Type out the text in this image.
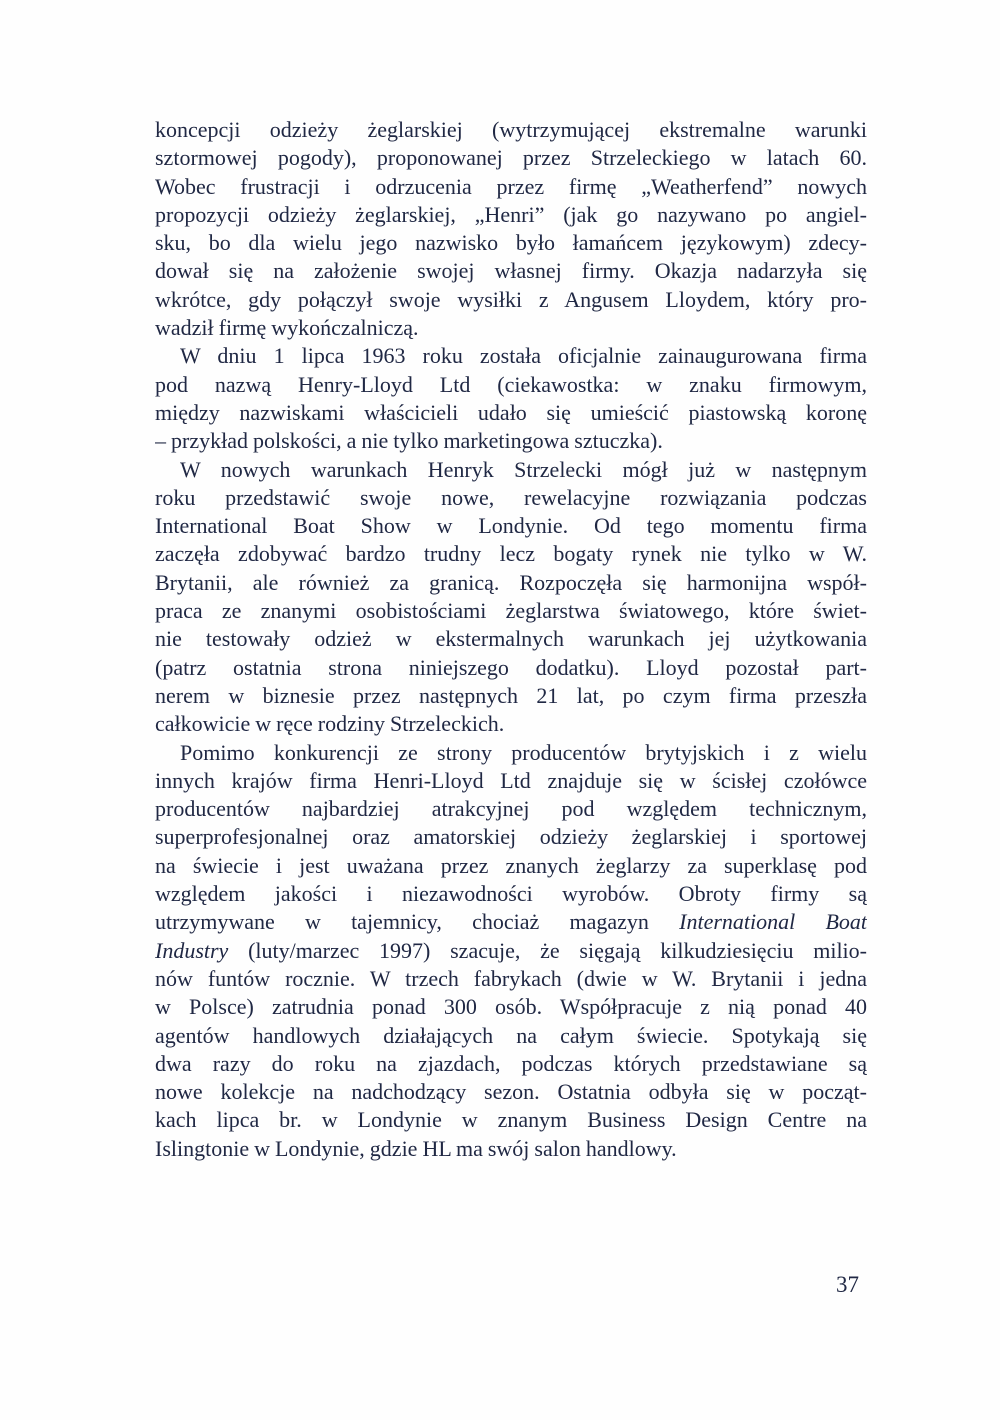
koncepcji odzieży żeglarskiej (wytrzymującej ekstremalne warunki
sztormowej pogody), proponowanej przez Strzeleckiego w latach 60.
Wobec frustracji i odrzucenia przez firmę „Weatherfend” nowych
propozycji odzieży żeglarskiej, „Henri” (jak go nazywano po angiel-
sku, bo dla wielu jego nazwisko było łamańcem językowym) zdecy-
dował się na założenie swojej własnej firmy. Okazja nadarzyła się
wkrótce, gdy połączył swoje wysiłki z Angusem Lloydem, który pro-
wadził firmę wykończalniczą.
W dniu 1 lipca 1963 roku została oficjalnie zainaugurowana firma
pod nazwą Henry-Lloyd Ltd (ciekawostka: w znaku firmowym,
między nazwiskami właścicieli udało się umieścić piastowską koronę
– przykład polskości, a nie tylko marketingowa sztuczka).
W nowych warunkach Henryk Strzelecki mógł już w następnym
roku przedstawić swoje nowe, rewelacyjne rozwiązania podczas
International Boat Show w Londynie. Od tego momentu firma
zaczęła zdobywać bardzo trudny lecz bogaty rynek nie tylko w W.
Brytanii, ale również za granicą. Rozpoczęła się harmonijna współ-
praca ze znanymi osobistościami żeglarstwa światowego, które świet-
nie testowały odzież w ekstermalnych warunkach jej użytkowania
(patrz ostatnia strona niniejszego dodatku). Lloyd pozostał part-
nerem w biznesie przez następnych 21 lat, po czym firma przeszła
całkowicie w ręce rodziny Strzeleckich.
Pomimo konkurencji ze strony producentów brytyjskich i z wielu
innych krajów firma Henri-Lloyd Ltd znajduje się w ścisłej czołówce
producentów najbardziej atrakcyjnej pod względem technicznym,
superprofesjonalnej oraz amatorskiej odzieży żeglarskiej i sportowej
na świecie i jest uważana przez znanych żeglarzy za superklasę pod
względem jakości i niezawodności wyrobów. Obroty firmy są
utrzymywane w tajemnicy, chociaż magazyn International Boat
Industry (luty/marzec 1997) szacuje, że sięgają kilkudziesięciu milio-
nów funtów rocznie. W trzech fabrykach (dwie w W. Brytanii i jedna
w Polsce) zatrudnia ponad 300 osób. Współpracuje z nią ponad 40
agentów handlowych działających na całym świecie. Spotykają się
dwa razy do roku na zjazdach, podczas których przedstawiane są
nowe kolekcje na nadchodzący sezon. Ostatnia odbyła się w począt-
kach lipca br. w Londynie w znanym Business Design Centre na
Islingtonie w Londynie, gdzie HL ma swój salon handlowy.
37
